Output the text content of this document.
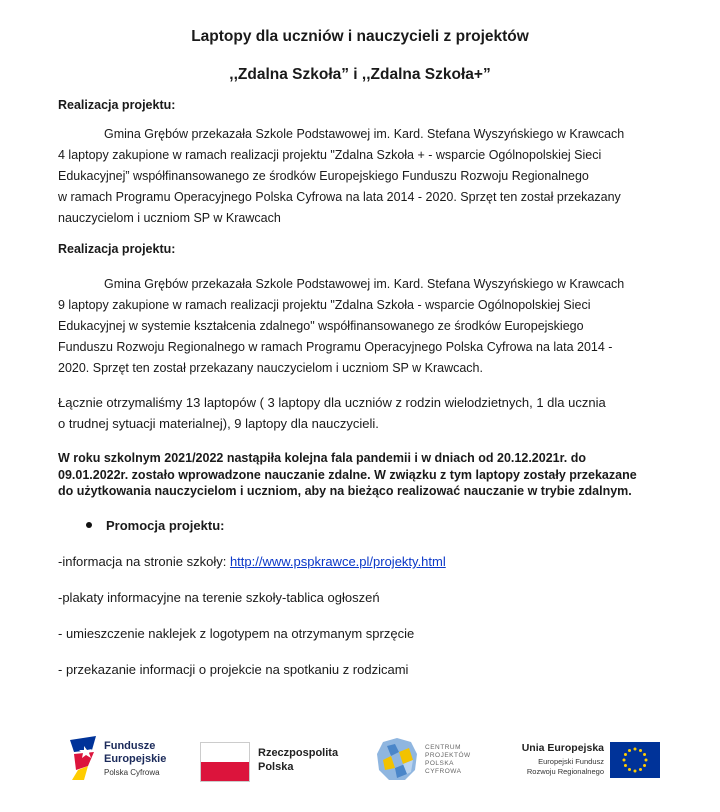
Laptopy dla uczniów i nauczycieli z projektów
,,Zdalna Szkoła” i ,,Zdalna Szkoła+”
Realizacja projektu:
Gmina Grębów przekazała Szkole Podstawowej im. Kard. Stefana Wyszyńskiego w Krawcach
4 laptopy zakupione w ramach realizacji projektu "Zdalna Szkoła + - wsparcie Ogólnopolskiej Sieci
Edukacyjnej” współfinansowanego ze środków Europejskiego Funduszu Rozwoju Regionalnego
w ramach Programu Operacyjnego Polska Cyfrowa na lata 2014 - 2020. Sprzęt ten został przekazany
nauczycielom i uczniom SP w Krawcach
Realizacja projektu:
Gmina Grębów przekazała Szkole Podstawowej im. Kard. Stefana Wyszyńskiego w Krawcach
9 laptopy zakupione w ramach realizacji projektu "Zdalna Szkoła - wsparcie Ogólnopolskiej Sieci
Edukacyjnej w systemie kształcenia zdalnego" współfinansowanego ze środków Europejskiego
Funduszu Rozwoju Regionalnego w ramach Programu Operacyjnego Polska Cyfrowa na lata 2014 -
2020. Sprzęt ten został przekazany nauczycielom i uczniom SP w Krawcach.
Łącznie otrzymaliśmy 13 laptopów ( 3 laptopy dla uczniów z rodzin wielodzietnych, 1 dla ucznia
o trudnej sytuacji materialnej), 9 laptopy dla nauczycieli.
W roku szkolnym 2021/2022 nastąpiła kolejna fala pandemii i w dniach od 20.12.2021r. do
09.01.2022r. zostało wprowadzone nauczanie zdalne. W związku z tym laptopy zostały przekazane
do użytkowania nauczycielom i uczniom, aby na bieżąco realizować nauczanie w trybie zdalnym.
Promocja projektu:
-informacja na stronie szkoły: http://www.pspkrawce.pl/projekty.html
-plakaty informacyjne na terenie szkoły-tablica ogłoszeń
- umieszczenie naklejek z logotypem na otrzymanym sprzęcie
- przekazanie informacji o projekcie na spotkaniu z rodzicami
Fundusze
Europejskie
Polska Cyfrowa
Rzeczpospolita
Polska
CENTRUM
PROJEKTÓW
POLSKA
CYFROWA
Unia Europejska
Europejski Fundusz
Rozwoju Regionalnego
